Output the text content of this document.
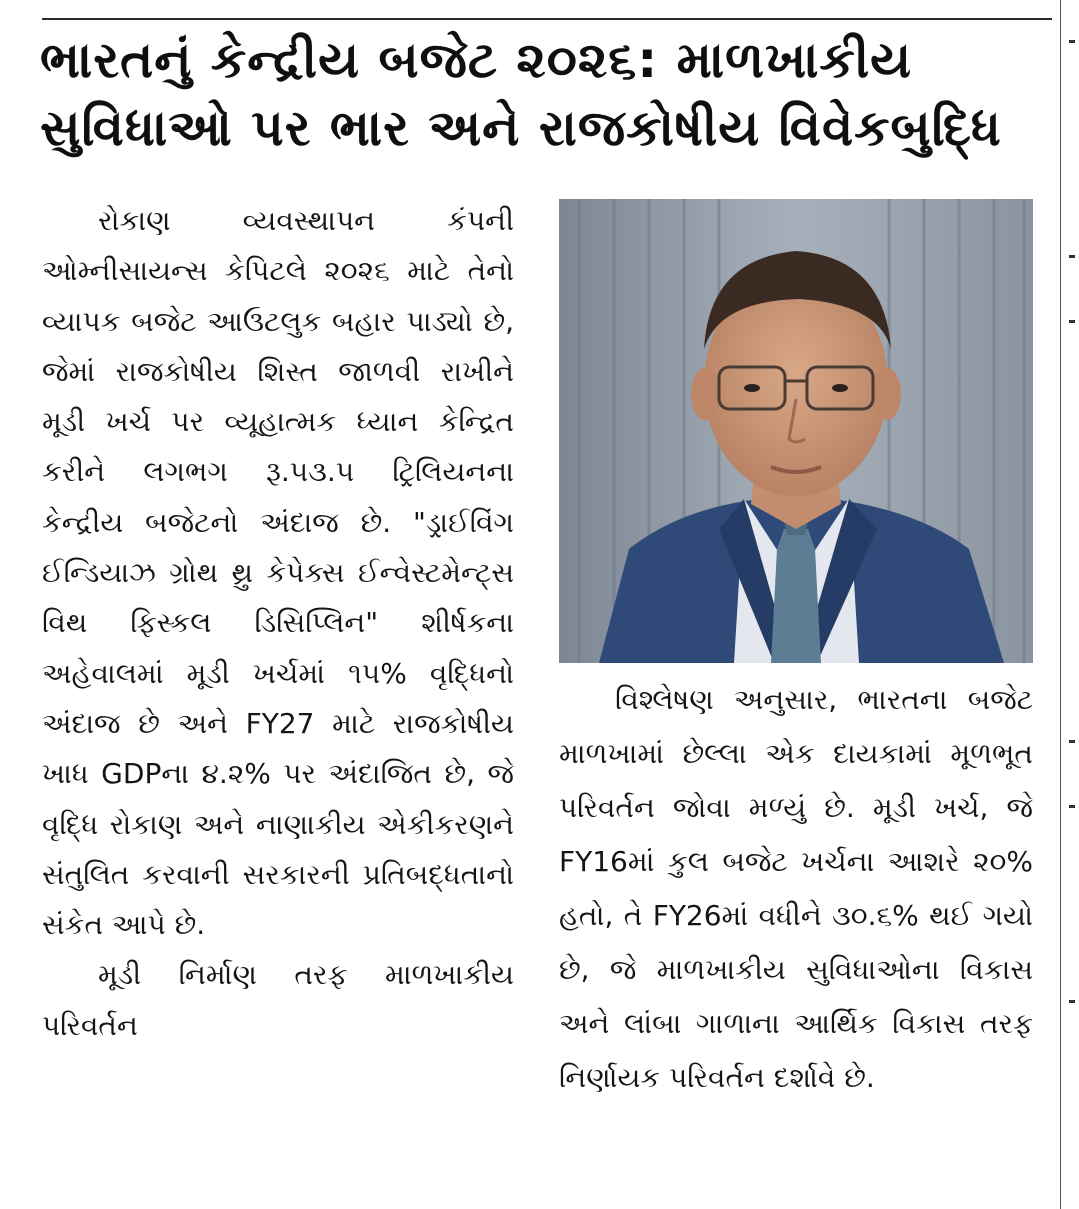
ભારતનું કેન્દ્રીય બજેટ ૨૦૨૬: માળખાકીય
સુવિધાઓ પર ભાર અને રાજકોષીય વિવેકબુદ્ધિ

રોકાણ વ્યવસ્થાપન કંપની ઓમ્નીસાયન્સ કેપિટલે ૨૦૨૬ માટે તેનો વ્યાપક બજેટ આઉટલુક બહાર પાડ્યો છે, જેમાં રાજકોષીય શિસ્ત જાળવી રાખીને મૂડી ખર્ચ પર વ્યૂહાત્મક ધ્યાન કેન્દ્રિત કરીને લગભગ રૂ.૫૩.૫ ટ્રિલિયનના કેન્દ્રીય બજેટનો અંદાજ છે. "ડ્રાઈવિંગ ઈન્ડિયાઝ ગ્રોથ થ્રુ કેપેક્સ ઈન્વેસ્ટમેન્ટ્સ વિથ ફિસ્કલ ડિસિપ્લિન" શીર્ષકના અહેવાલમાં મૂડી ખર્ચમાં ૧૫% વૃદ્ધિનો અંદાજ છે અને FY27 માટે રાજકોષીય ખાધ GDPના ૪.૨% પર અંદાજિત છે, જે વૃદ્ધિ રોકાણ અને નાણાકીય એકીકરણને સંતુલિત કરવાની સરકારની પ્રતિબદ્ધતાનો સંકેત આપે છે.

મૂડી નિર્માણ તરફ માળખાકીય પરિવર્તન

વિશ્લેષણ અનુસાર, ભારતના બજેટ માળખામાં છેલ્લા એક દાયકામાં મૂળભૂત પરિવર્તન જોવા મળ્યું છે. મૂડી ખર્ચ, જે FY16માં કુલ બજેટ ખર્ચના આશરે ૨૦% હતો, તે FY26માં વધીને ૩૦.૬% થઈ ગયો છે, જે માળખાકીય સુવિધાઓના વિકાસ અને લાંબા ગાળાના આર્થિક વિકાસ તરફ નિર્ણાયક પરિવર્તન દર્શાવે છે.
